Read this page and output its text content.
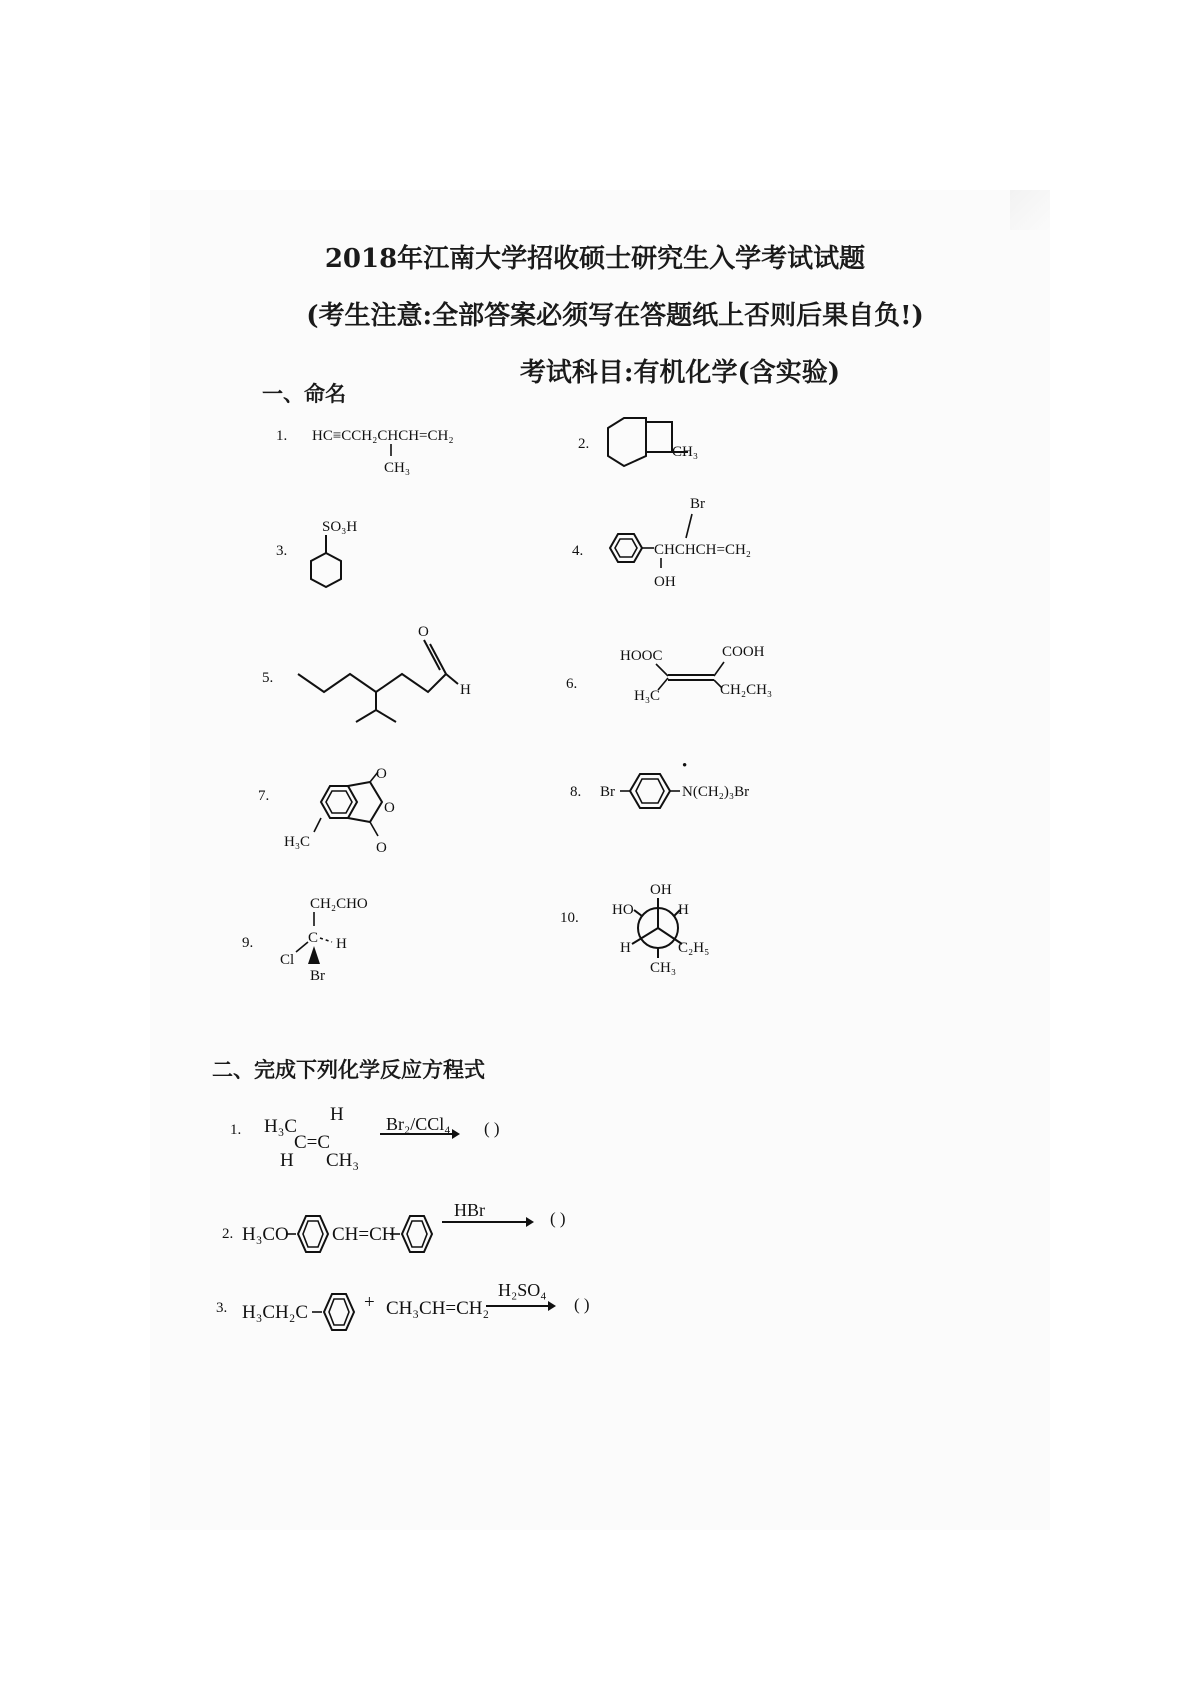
2018年江南大学招收硕士研究生入学考试试题
(考生注意:全部答案必须写在答题纸上否则后果自负!)
考试科目:有机化学(含实验)
一、命名
1. HC≡CCH₂CHCH=CH₂
CH₃
2.	CH₃
3.
SO₃H
4.
Br
CHCHCH=CH₂
OH
5.
O
H	6.
HOOC	COOH
H₃C	CH₂CH₃
7.
O
O
O
H₃C
8. Br
•
N(CH₂)₃Br
9.
CH₂CHO
C H
Cl
Br
10.
OH
HO	H
H	C₂H₅
CH₃
二、完成下列化学反应方程式
1. H₃C
H
C=C
H CH₃
Br₂/CCl₄ ( )
2. H₃CO CH=CH
HBr	( )
3. H₃CH₂C	+ CH₃CH=CH₂
H₂SO₄
( )
